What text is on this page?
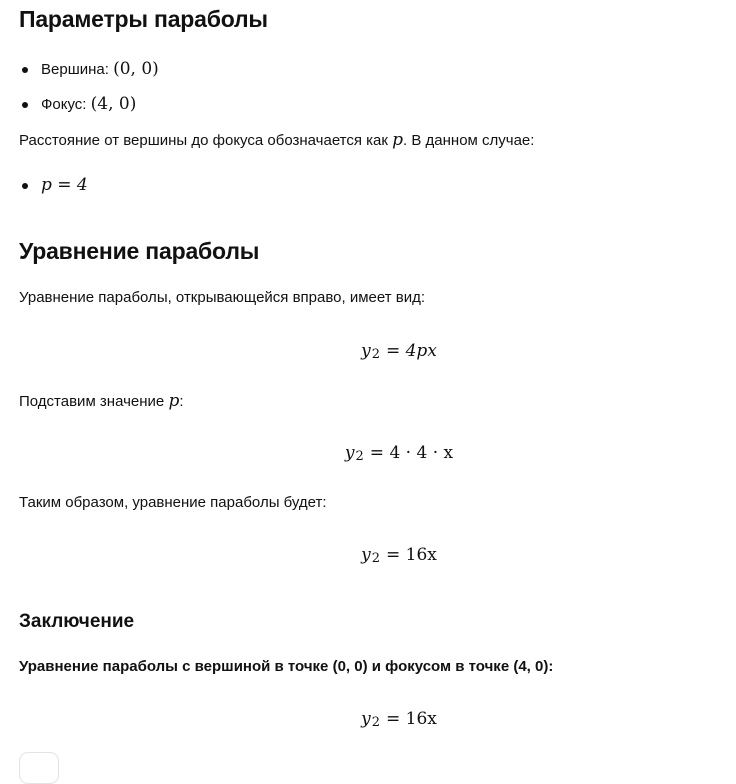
Параметры параболы
Вершина: (0, 0)
Фокус: (4, 0)
Расстояние от вершины до фокуса обозначается как p. В данном случае:
p = 4
Уравнение параболы
Уравнение параболы, открывающейся вправо, имеет вид:
y2 = 4px
Подставим значение p:
y2 = 4 · 4 · x
Таким образом, уравнение параболы будет:
y2 = 16x
Заключение
Уравнение параболы с вершиной в точке (0, 0) и фокусом в точке (4, 0):
y2 = 16x
